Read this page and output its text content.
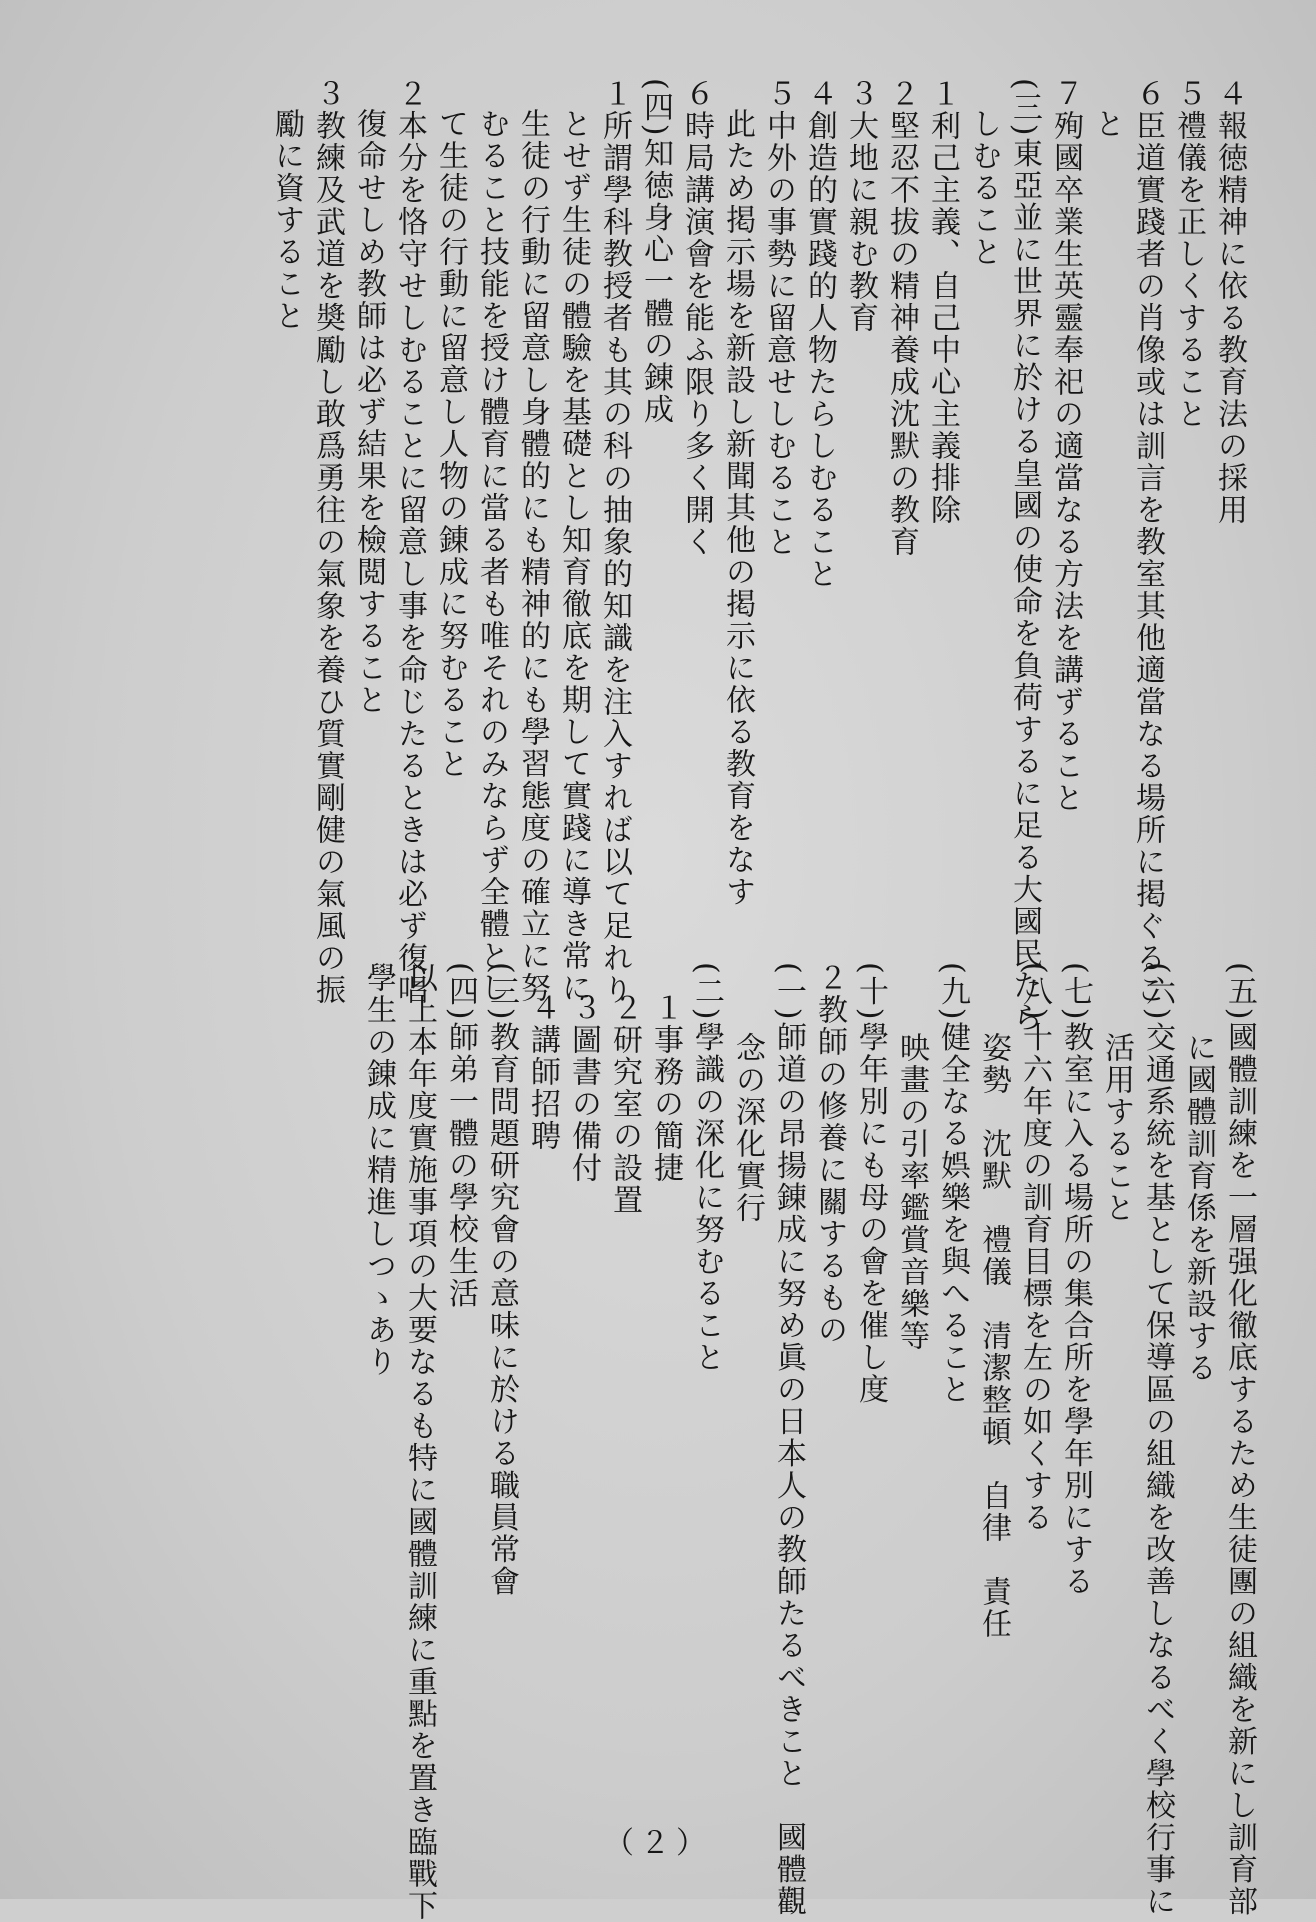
４報徳精神に依る教育法の採用
５禮儀を正しくすること
６臣道實踐者の肖像或は訓言を教室其他適當なる場所に掲ぐるこ
と
７殉國卒業生英靈奉祀の適當なる方法を講ずること
(三)東亞並に世界に於ける皇國の使命を負荷するに足る大國民たら
しむること
１利己主義、自己中心主義排除
２堅忍不拔の精神養成沈默の教育
３大地に親む教育
４創造的實踐的人物たらしむること
５中外の事勢に留意せしむること
此ため掲示場を新設し新聞其他の掲示に依る教育をなす
６時局講演會を能ふ限り多く開く
(四)知徳身心一體の錬成
１所謂學科教授者も其の科の抽象的知識を注入すれば以て足れり
とせず生徒の體驗を基礎とし知育徹底を期して實踐に導き常に
生徒の行動に留意し身體的にも精神的にも學習態度の確立に努
むること技能を授け體育に當る者も唯それのみならず全體とし
て生徒の行動に留意し人物の錬成に努むること
２本分を恪守せしむることに留意し事を命じたるときは必ず復唱
復命せしめ教師は必ず結果を檢閲すること
３教練及武道を奬勵し敢爲勇往の氣象を養ひ質實剛健の氣風の振
勵に資すること
(五)國體訓練を一層强化徹底するため生徒團の組織を新にし訓育部
に國體訓育係を新設する
(六)交通系統を基として保導區の組織を改善しなるべく學校行事に
活用すること
(七)教室に入る場所の集合所を學年別にする
(八)十六年度の訓育目標を左の如くする
姿勢　沈默　禮儀　清潔整頓　自律　責任
(九)健全なる娯樂を與へること
映畫の引率鑑賞音樂等
(十)學年別にも母の會を催し度
２教師の修養に關するもの
(一)師道の昂揚錬成に努め眞の日本人の教師たるべきこと　國體觀
念の深化實行
(二)學識の深化に努むること
１事務の簡捷
２研究室の設置
３圖書の備付
４講師招聘
(三)教育問題研究會の意味に於ける職員常會
(四)師弟一體の學校生活
以上本年度實施事項の大要なるも特に國體訓練に重點を置き臨戰下
學生の錬成に精進しつゝあり
（２）
